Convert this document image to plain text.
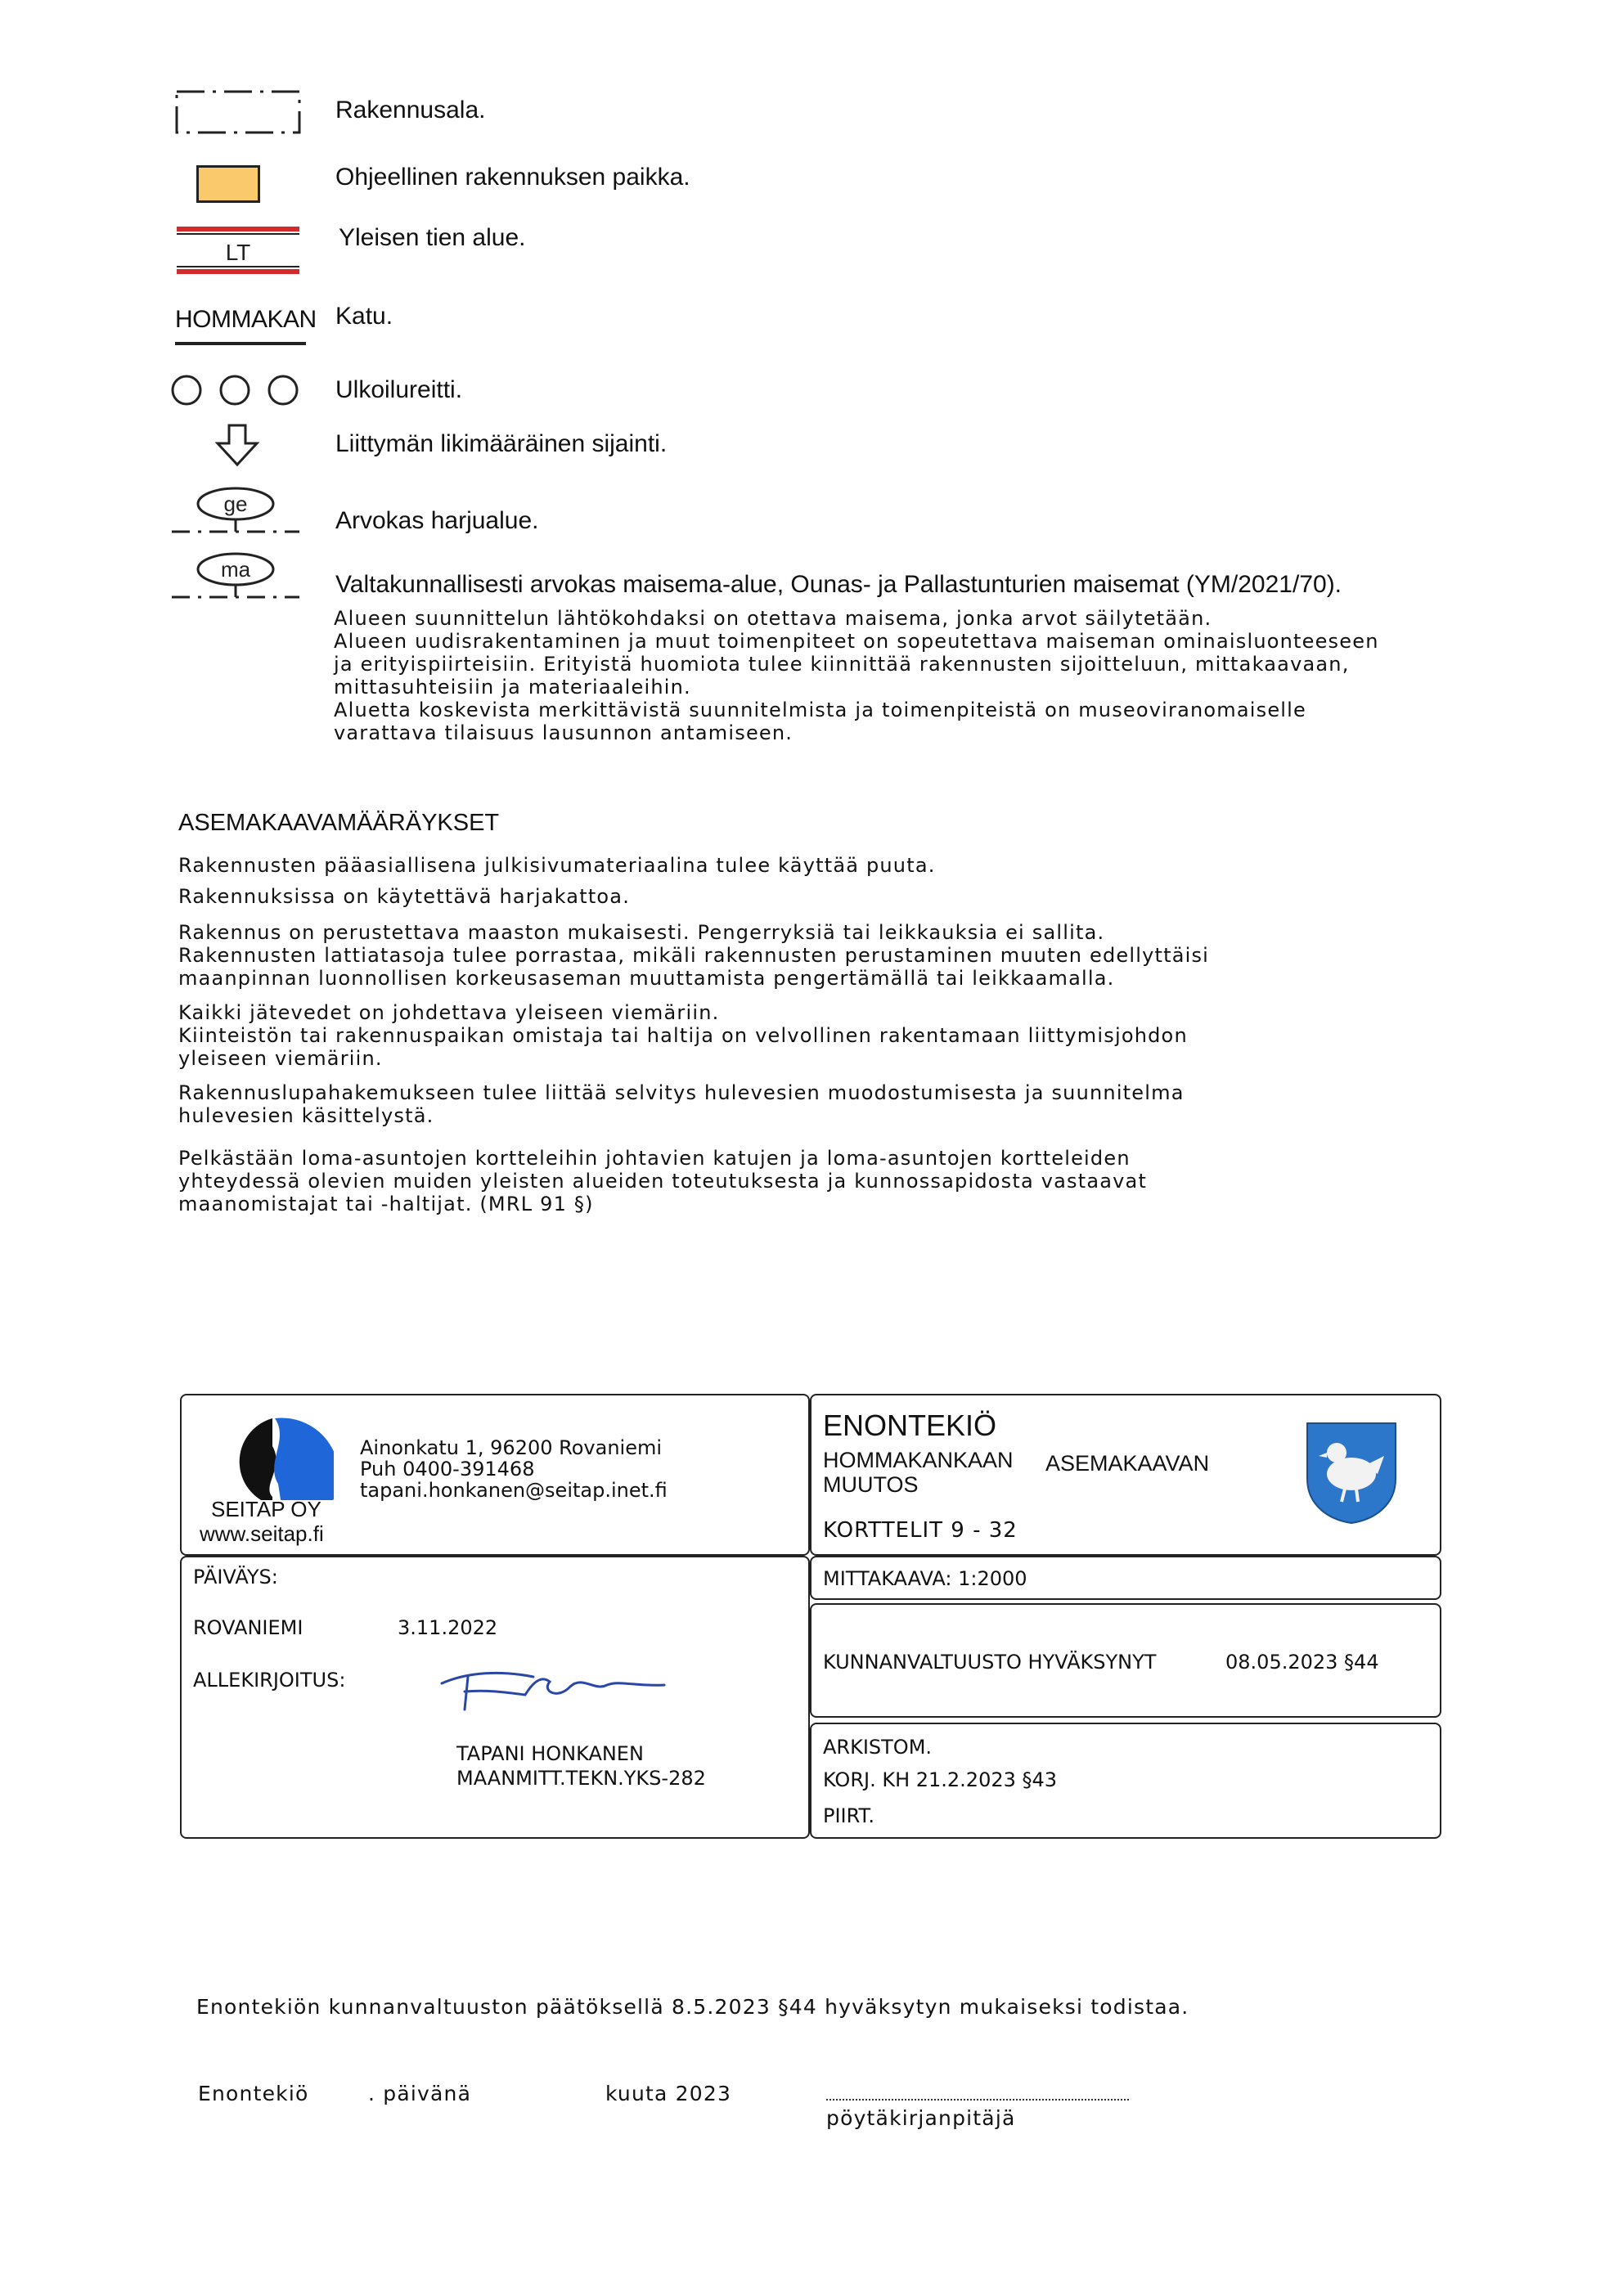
Rakennusala.
Ohjeellinen rakennuksen paikka.
LT
Yleisen tien alue.
HOMMAKAN Katu.
Ulkoilureitti.
Liittymän likimääräinen sijainti.
ge
Arvokas harjualue.
ma
Valtakunnallisesti arvokas maisema-alue, Ounas- ja Pallastunturien maisemat (YM/2021/70).
Alueen suunnittelun lähtökohdaksi on otettava maisema, jonka arvot säilytetään.
Alueen uudisrakentaminen ja muut toimenpiteet on sopeutettava maiseman ominaisluonteeseen
ja erityispiirteisiin. Erityistä huomiota tulee kiinnittää rakennusten sijoitteluun, mittakaavaan,
mittasuhteisiin ja materiaaleihin.
Aluetta koskevista merkittävistä suunnitelmista ja toimenpiteistä on museoviranomaiselle
varattava tilaisuus lausunnon antamiseen.
ASEMAKAAVAMÄÄRÄYKSET
Rakennusten pääasiallisena julkisivumateriaalina tulee käyttää puuta.
Rakennuksissa on käytettävä harjakattoa.
Rakennus on perustettava maaston mukaisesti. Pengerryksiä tai leikkauksia ei sallita.
Rakennusten lattiatasoja tulee porrastaa, mikäli rakennusten perustaminen muuten edellyttäisi
maanpinnan luonnollisen korkeusaseman muuttamista pengertämällä tai leikkaamalla.
Kaikki jätevedet on johdettava yleiseen viemäriin.
Kiinteistön tai rakennuspaikan omistaja tai haltija on velvollinen rakentamaan liittymisjohdon
yleiseen viemäriin.
Rakennuslupahakemukseen tulee liittää selvitys hulevesien muodostumisesta ja suunnitelma
hulevesien käsittelystä.
Pelkästään loma-asuntojen kortteleihin johtavien katujen ja loma-asuntojen kortteleiden
yhteydessä olevien muiden yleisten alueiden toteutuksesta ja kunnossapidosta vastaavat
maanomistajat tai -haltijat. (MRL 91 §)
SEITAP OY
www.seitap.fi
Ainonkatu 1, 96200 Rovaniemi
Puh 0400-391468
tapani.honkanen@seitap.inet.fi
ENONTEKIÖ
HOMMAKANKAAN ASEMAKAAVAN
MUUTOS
KORTTELIT 9 - 32
PÄIVÄYS:
ROVANIEMI	3.11.2022
ALLEKIRJOITUS:
TAPANI HONKANEN
MAANMITT.TEKN.YKS-282
MITTAKAAVA: 1:2000
KUNNANVALTUUSTO HYVÄKSYNYT	08.05.2023 §44
ARKISTOM.
KORJ. KH 21.2.2023 §43
PIIRT.
Enontekiön kunnanvaltuuston päätöksellä 8.5.2023 §44 hyväksytyn mukaiseksi todistaa.
Enontekiö	. päivänä	kuuta 2023
pöytäkirjanpitäjä
